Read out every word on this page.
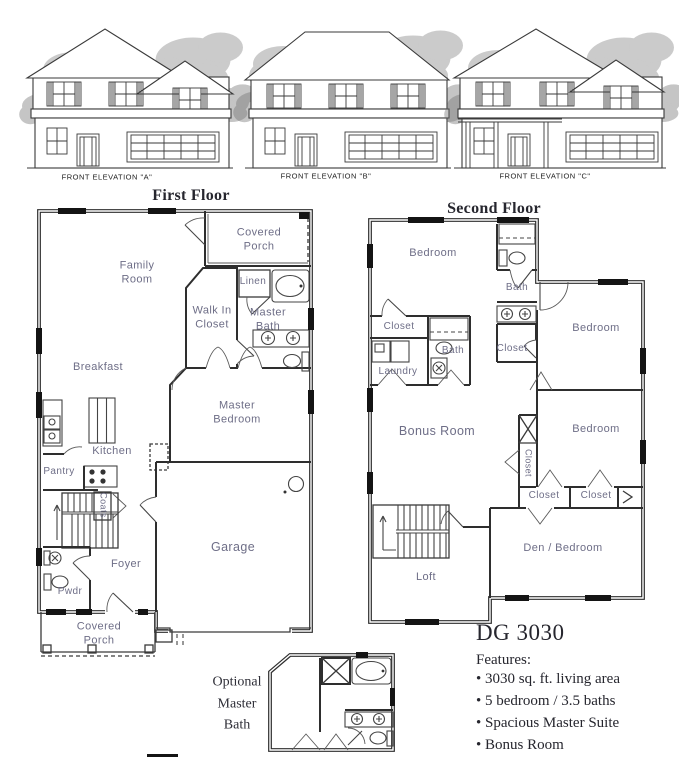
FRONT ELEVATION "A"	FRONT ELEVATION "B"	FRONT ELEVATION "C"
First Floor
Second Floor
Covered Porch
Family Room	Linen
Walk In Closet
Master Bath
Breakfast
Master Bedroom
Kitchen
Pantry
Coats
Foyer
Pwdr
Garage
Covered Porch
Bedroom
Bath
Closet
Laundry
Bath	Closet
Bedroom
Bonus Room
Closet
Bedroom
Closet	Closet
Den / Bedroom
Loft
Optional Master Bath
DG 3030
Features:
• 3030 sq. ft. living area
• 5 bedroom / 3.5 baths
• Spacious Master Suite
• Bonus Room
